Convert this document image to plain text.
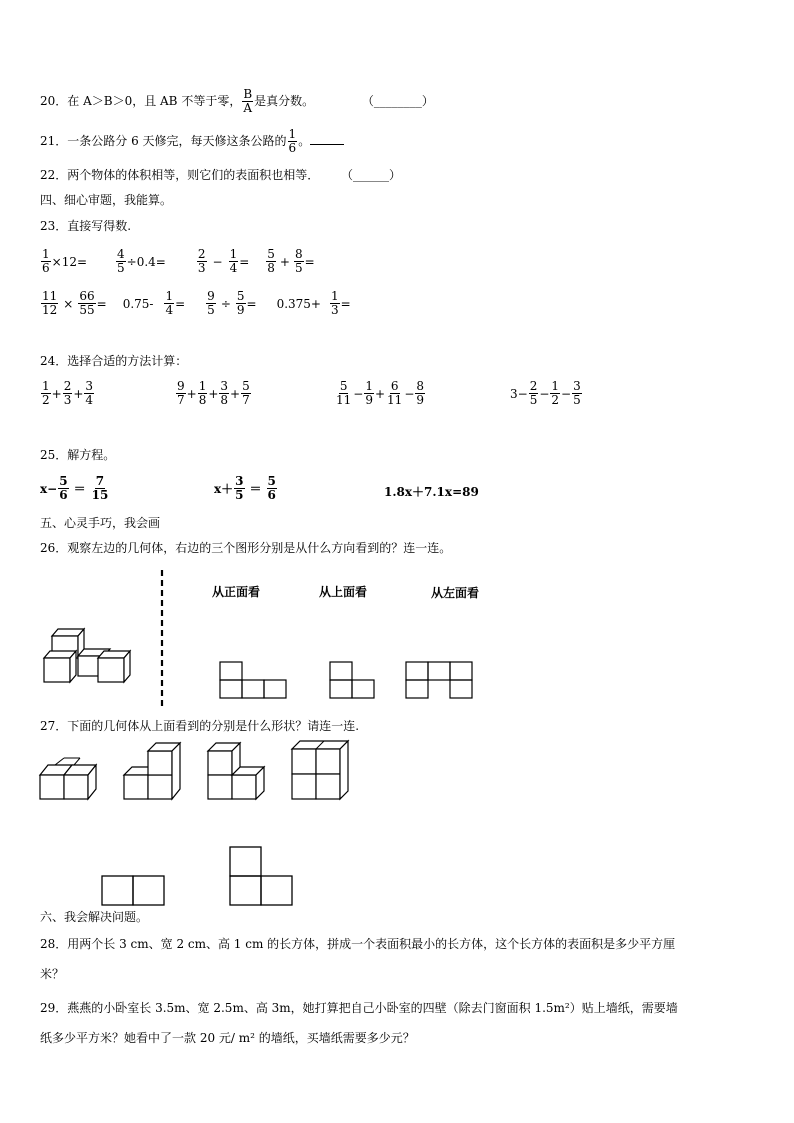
20．在 A＞B＞0，且 AB 不等于零， $\frac{B}{A}$ 是真分数。	（________）
21．一条公路分 6 天修完，每天修这条公路的 $\frac{1}{6}$ 。
22．两个物体的体积相等，则它们的表面积也相等． （______）
四、细心审题，我能算。
23．直接写得数.
$\frac{1}{6} \times 12= \frac{4}{5} \div 0.4=$	$\frac{2}{3} - \frac{1}{4} = \frac{5}{8} + \frac{8}{5}$ =
$\frac{11}{12} \times \frac{66}{55} = 0.75- \frac{1}{4} = \frac{9}{5} \div \frac{5}{9} = 0.375+ \frac{1}{3}$ =
24．选择合适的方法计算：
$\frac{1}{2} + \frac{2}{3} + \frac{3}{4}$	$\frac{9}{7} + \frac{1}{8} + \frac{3}{8} + \frac{5}{7}$	$\frac{5}{11} - \frac{1}{9} + \frac{6}{11} - \frac{8}{9}$	$3- \frac{2}{5} - \frac{1}{2} - \frac{3}{5}$
25．解方程。
$x- \frac{5}{6} = \frac{7}{15}$	$x+ \frac{3}{5} = \frac{5}{6}$	1.8x＋7.1x=89
五、心灵手巧，我会画
26．观察左边的几何体，右边的三个图形分别是从什么方向看到的？连一连。
从正面看	从上面看	从左面看
27．下面的几何体从上面看到的分别是什么形状？请连一连.
六、我会解决问题。
28．用两个长 3 cm、宽 2 cm、高 1 cm 的长方体，拼成一个表面积最小的长方体，这个长方体的表面积是多少平方厘
米？
29．燕燕的小卧室长 3.5m、宽 2.5m、高 3m，她打算把自己小卧室的四壁（除去门窗面积 1.5m²）贴上墙纸，需要墙
纸多少平方米？她看中了一款 20 元/ m² 的墙纸，买墙纸需要多少元？
